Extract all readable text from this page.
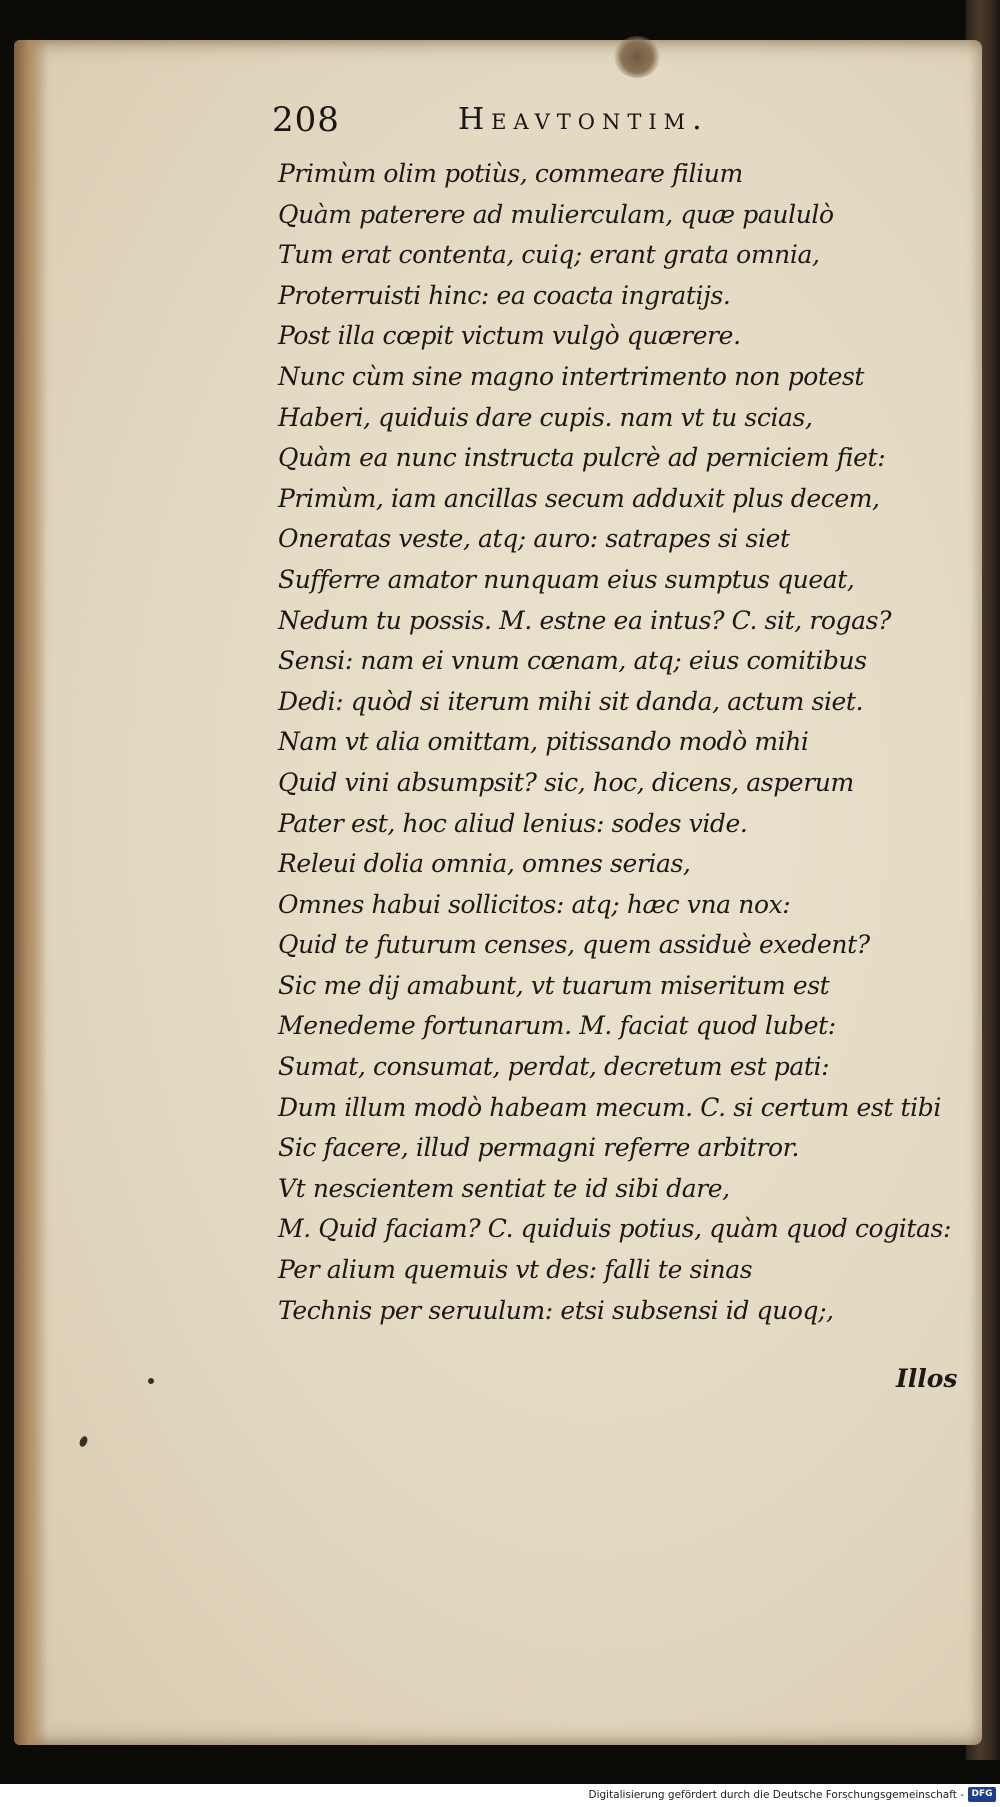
208	Heavtontim.
Primùm olim potiùs, commeare filium
Quàm paterere ad mulierculam, quæ paululò
Tum erat contenta, cuiq; erant grata omnia,
Proterruisti hinc: ea coacta ingratijs.
Post illa cœpit victum vulgò quærere.
Nunc cùm sine magno intertrimento non potest
Haberi, quiduis dare cupis. nam vt tu scias,
Quàm ea nunc instructa pulcrè ad perniciem fiet:
Primùm, iam ancillas secum adduxit plus decem,
Oneratas veste, atq; auro: satrapes si siet
Sufferre amator nunquam eius sumptus queat,
Nedum tu possis. M. estne ea intus? C. sit, rogas?
Sensi: nam ei vnum cœnam, atq; eius comitibus
Dedi: quòd si iterum mihi sit danda, actum siet.
Nam vt alia omittam, pitissando modò mihi
Quid vini absumpsit? sic, hoc, dicens, asperum
Pater est, hoc aliud lenius: sodes vide.
Releui dolia omnia, omnes serias,
Omnes habui sollicitos: atq; hæc vna nox:
Quid te futurum censes, quem assiduè exedent?
Sic me dij amabunt, vt tuarum miseritum est
Menedeme fortunarum. M. faciat quod lubet:
Sumat, consumat, perdat, decretum est pati:
Dum illum modò habeam mecum. C. si certum est tibi
Sic facere, illud permagni referre arbitror.
Vt nescientem sentiat te id sibi dare,
M. Quid faciam? C. quiduis potius, quàm quod cogitas:
Per alium quemuis vt des: falli te sinas
Technis per seruulum: etsi subsensi id quoq;,
Illos
Digitalisierung gefördert durch die Deutsche Forschungsgemeinschaft - DFG
